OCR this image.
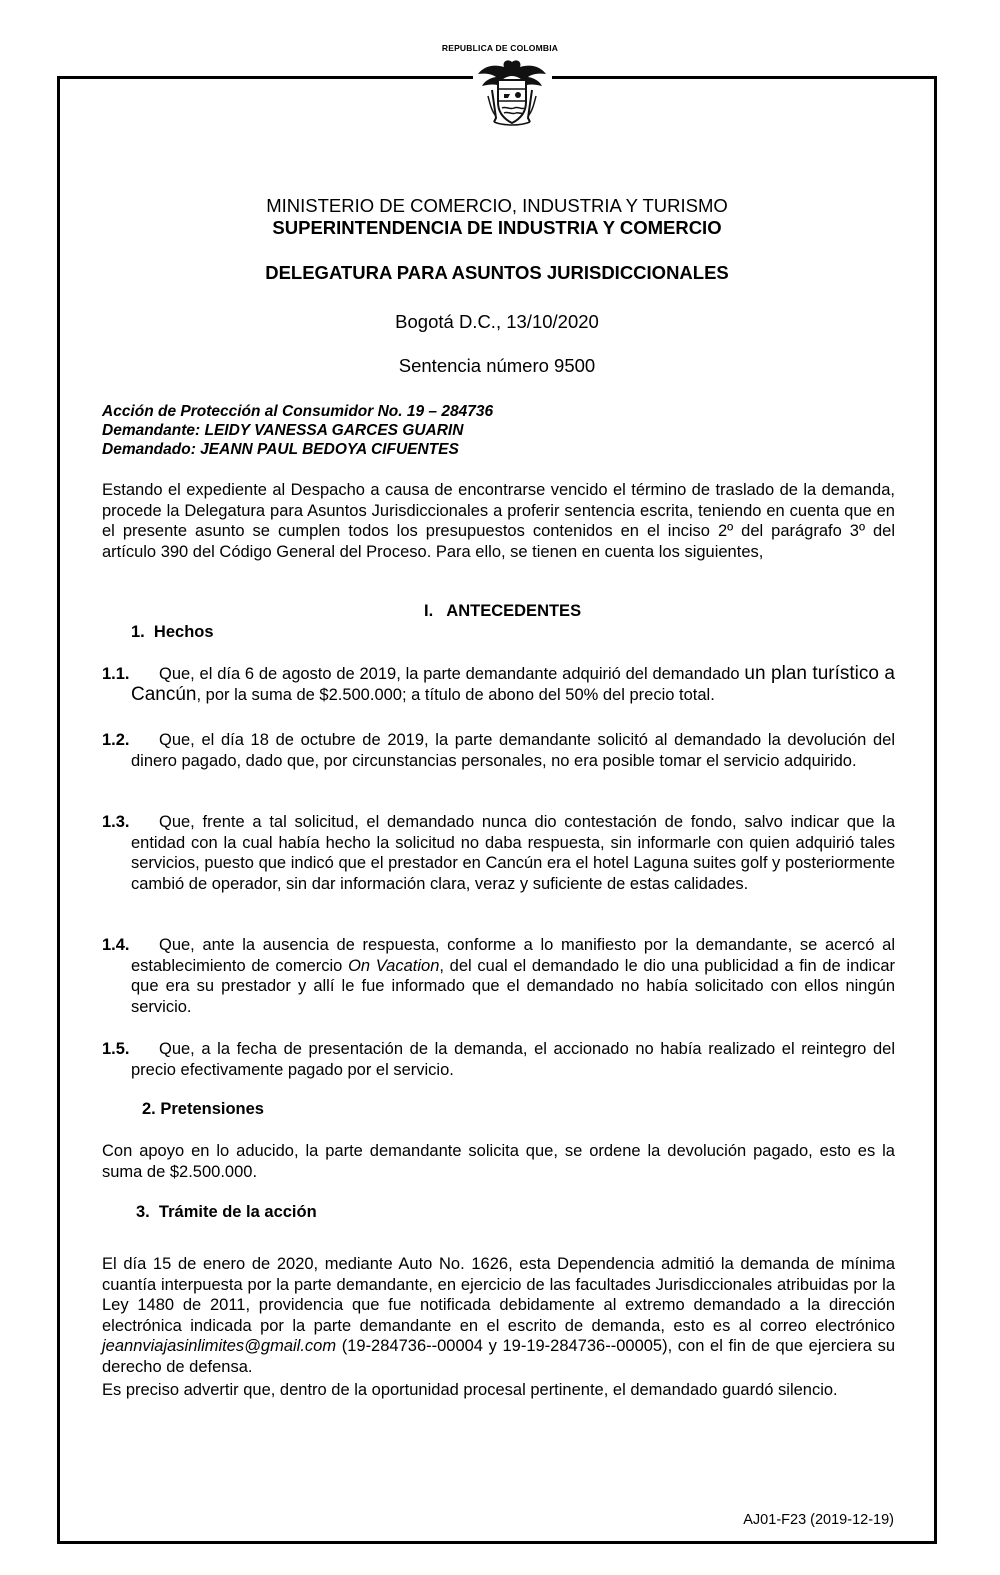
REPUBLICA DE COLOMBIA
MINISTERIO DE COMERCIO, INDUSTRIA Y TURISMO
SUPERINTENDENCIA DE INDUSTRIA Y COMERCIO
DELEGATURA PARA ASUNTOS JURISDICCIONALES
Bogotá D.C., 13/10/2020
Sentencia número 9500
Acción de Protección al Consumidor No. 19 – 284736
Demandante: LEIDY VANESSA GARCES GUARIN
Demandado: JEANN PAUL BEDOYA CIFUENTES

Estando el expediente al Despacho a causa de encontrarse vencido el término de traslado de la demanda, procede la Delegatura para Asuntos Jurisdiccionales a proferir sentencia escrita, teniendo en cuenta que en el presente asunto se cumplen todos los presupuestos contenidos en el inciso 2º del parágrafo 3º del artículo 390 del Código General del Proceso. Para ello, se tienen en cuenta los siguientes,

I.   ANTECEDENTES
1.  Hechos

1.1. Que, el día 6 de agosto de 2019, la parte demandante adquirió del demandado un plan turístico a Cancún, por la suma de $2.500.000; a título de abono del 50% del precio total.

1.2. Que, el día 18 de octubre de 2019, la parte demandante solicitó al demandado la devolución del dinero pagado, dado que, por circunstancias personales, no era posible tomar el servicio adquirido.

1.3. Que, frente a tal solicitud, el demandado nunca dio contestación de fondo, salvo indicar que la entidad con la cual había hecho la solicitud no daba respuesta, sin informarle con quien adquirió tales servicios, puesto que indicó que el prestador en Cancún era el hotel Laguna suites golf y posteriormente cambió de operador, sin dar información clara, veraz y suficiente de estas calidades.

1.4. Que, ante la ausencia de respuesta, conforme a lo manifiesto por la demandante, se acercó al establecimiento de comercio On Vacation, del cual el demandado le dio una publicidad a fin de indicar que era su prestador y allí le fue informado que el demandado no había solicitado con ellos ningún servicio.

1.5. Que, a la fecha de presentación de la demanda, el accionado no había realizado el reintegro del precio efectivamente pagado por el servicio.

2. Pretensiones

Con apoyo en lo aducido, la parte demandante solicita que, se ordene la devolución pagado, esto es la suma de $2.500.000.

3.  Trámite de la acción

El día 15 de enero de 2020, mediante Auto No. 1626, esta Dependencia admitió la demanda de mínima cuantía interpuesta por la parte demandante, en ejercicio de las facultades Jurisdiccionales atribuidas por la Ley 1480 de 2011, providencia que fue notificada debidamente al extremo demandado a la dirección electrónica indicada por la parte demandante en el escrito de demanda, esto es al correo electrónico jeannviajasinlimites@gmail.com (19-284736--00004 y 19-19-284736--00005), con el fin de que ejerciera su derecho de defensa.

Es preciso advertir que, dentro de la oportunidad procesal pertinente, el demandado guardó silencio.

AJ01-F23 (2019-12-19)
